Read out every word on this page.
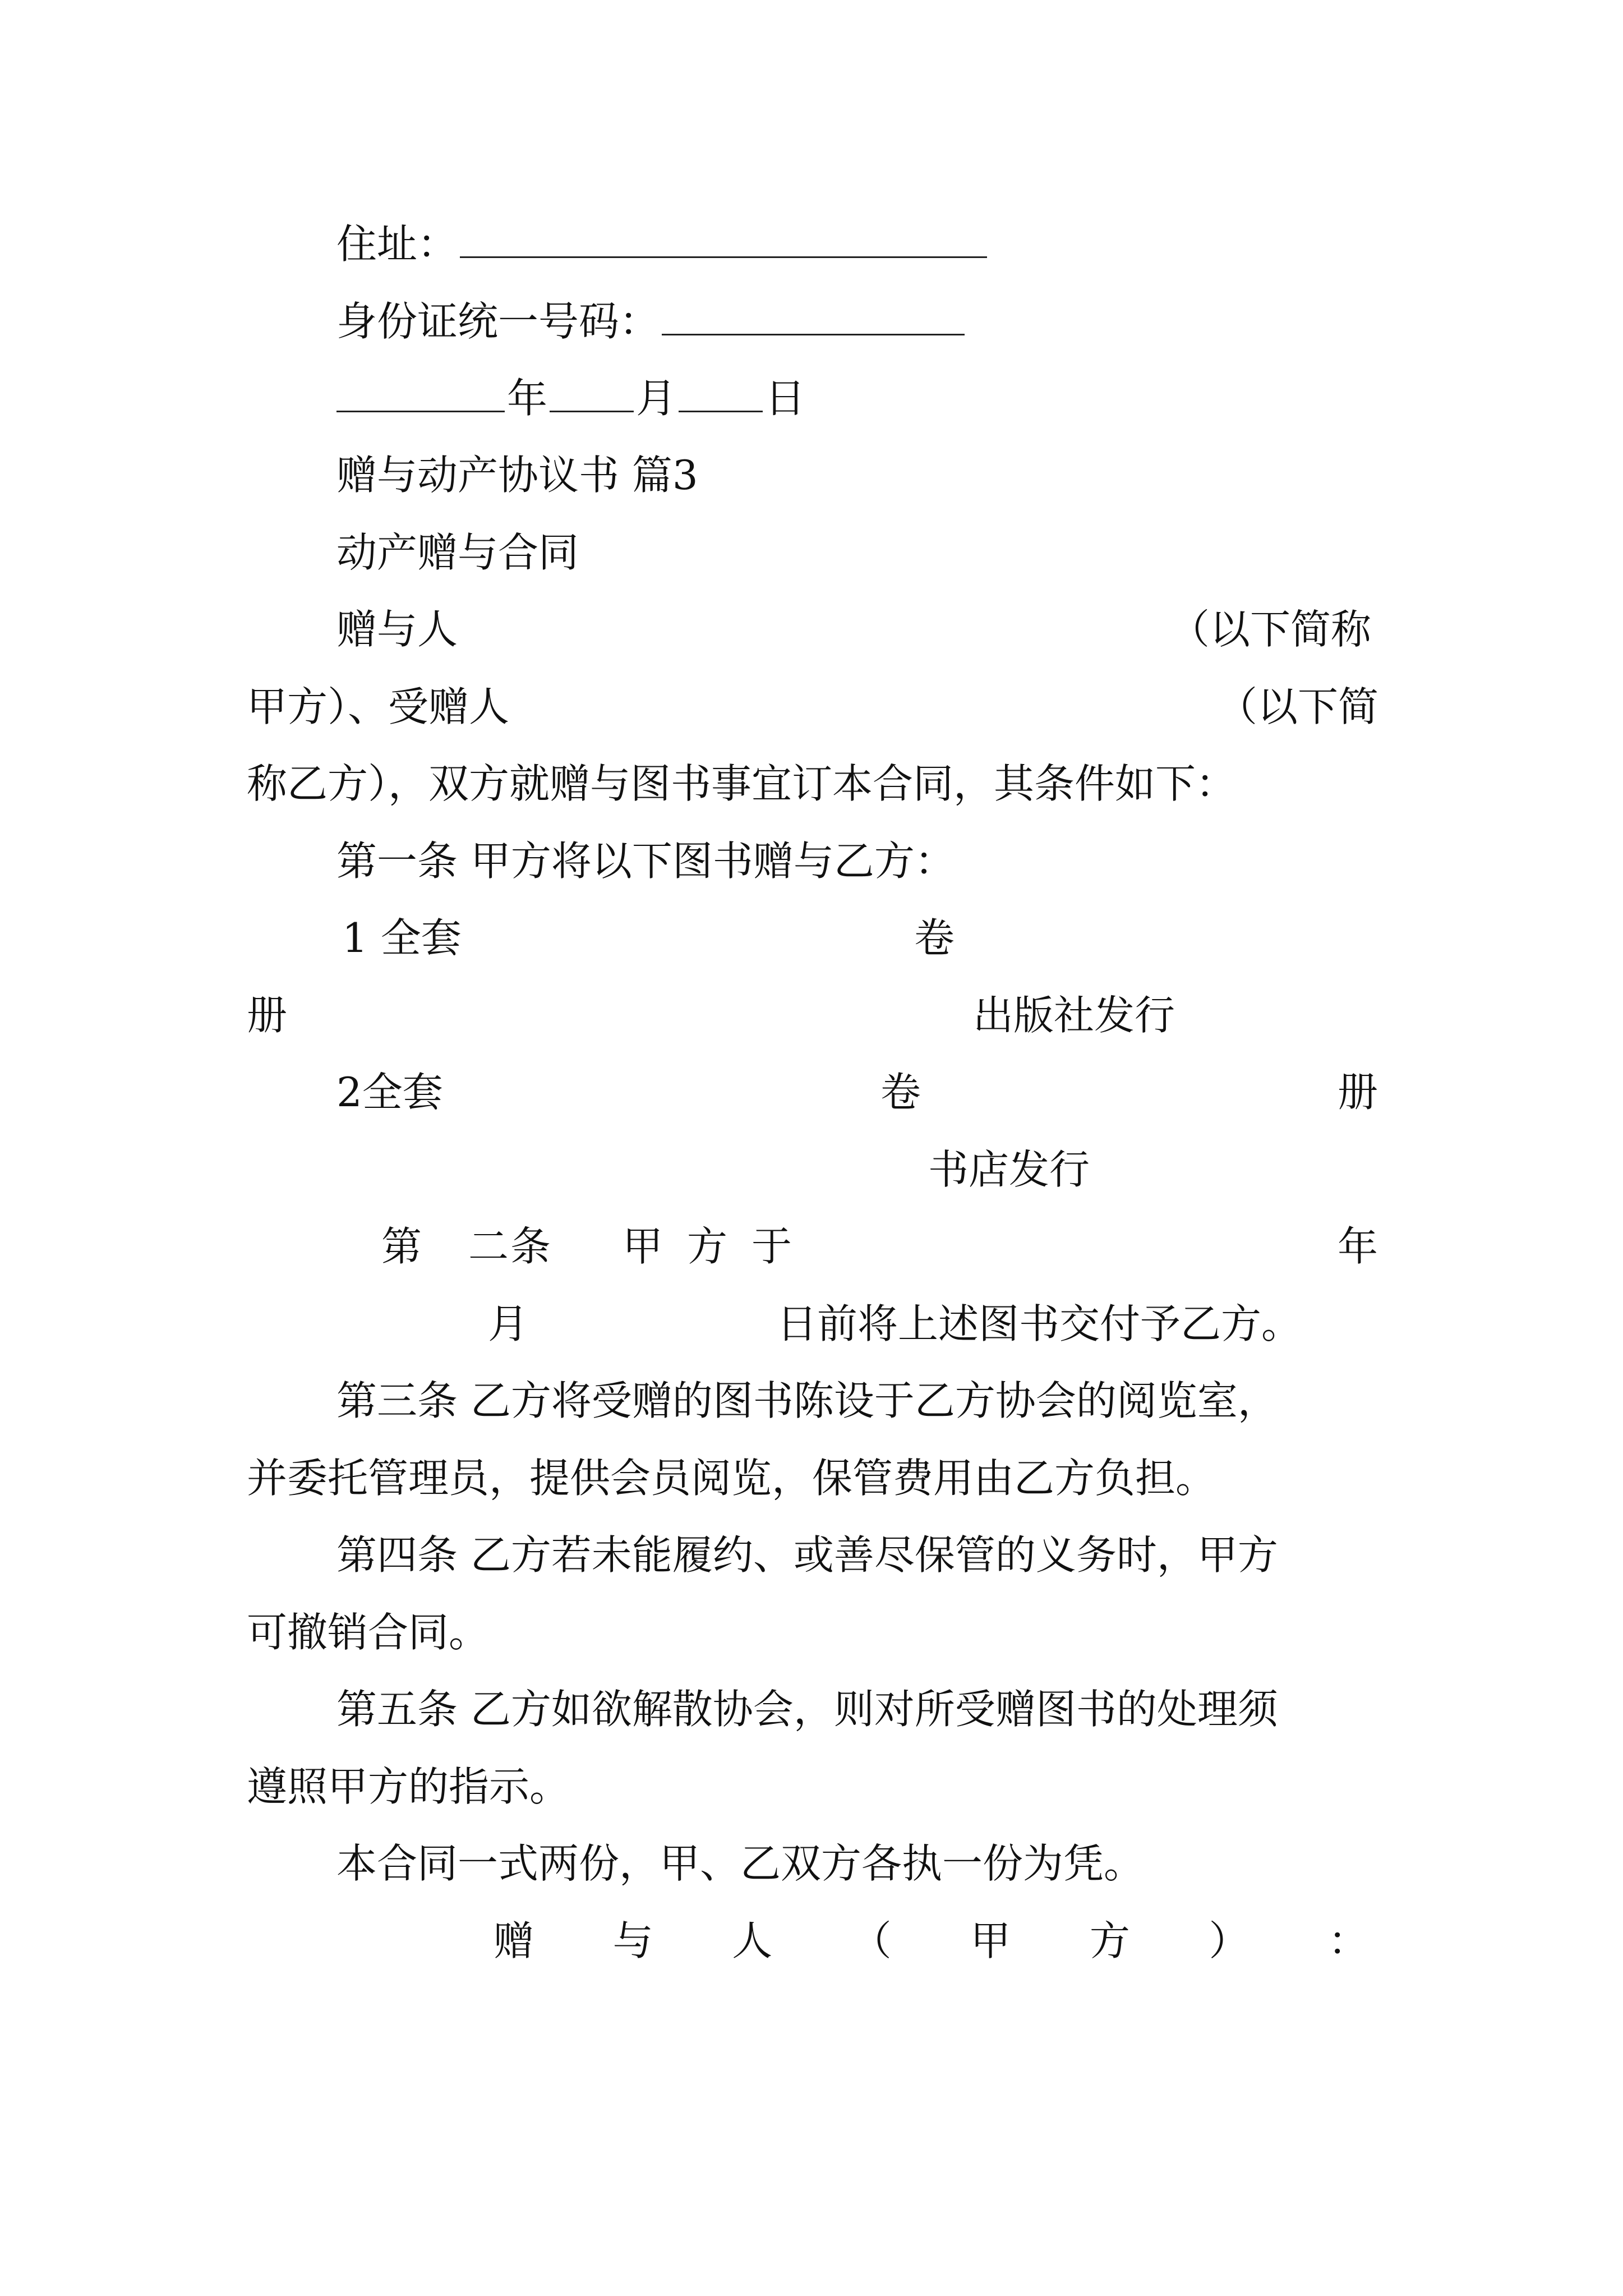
住址：
身份证统一号码：
年 月 日
赠与动产协议书 篇3
动产赠与合同
赠与人	（以下简称
甲方）、受赠人	（以下简
称乙方），双方就赠与图书事宜订本合同，其条件如下：
第一条 甲方将以下图书赠与乙方：
1 全套	卷
册	出版社发行
2全套	卷	册
书店发行
第 二 条 甲 方 于	年
月	日前将上述图书交付予乙方。
第三条 乙方将受赠的图书陈设于乙方协会的阅览室，
并委托管理员，提供会员阅览，保管费用由乙方负担。
第四条 乙方若未能履约、或善尽保管的义务时，甲方
可撤销合同。
第五条 乙方如欲解散协会，则对所受赠图书的处理须
遵照甲方的指示。
本合同一式两份，甲、乙双方各执一份为凭。
赠 与 人 （ 甲 方 ） ：
